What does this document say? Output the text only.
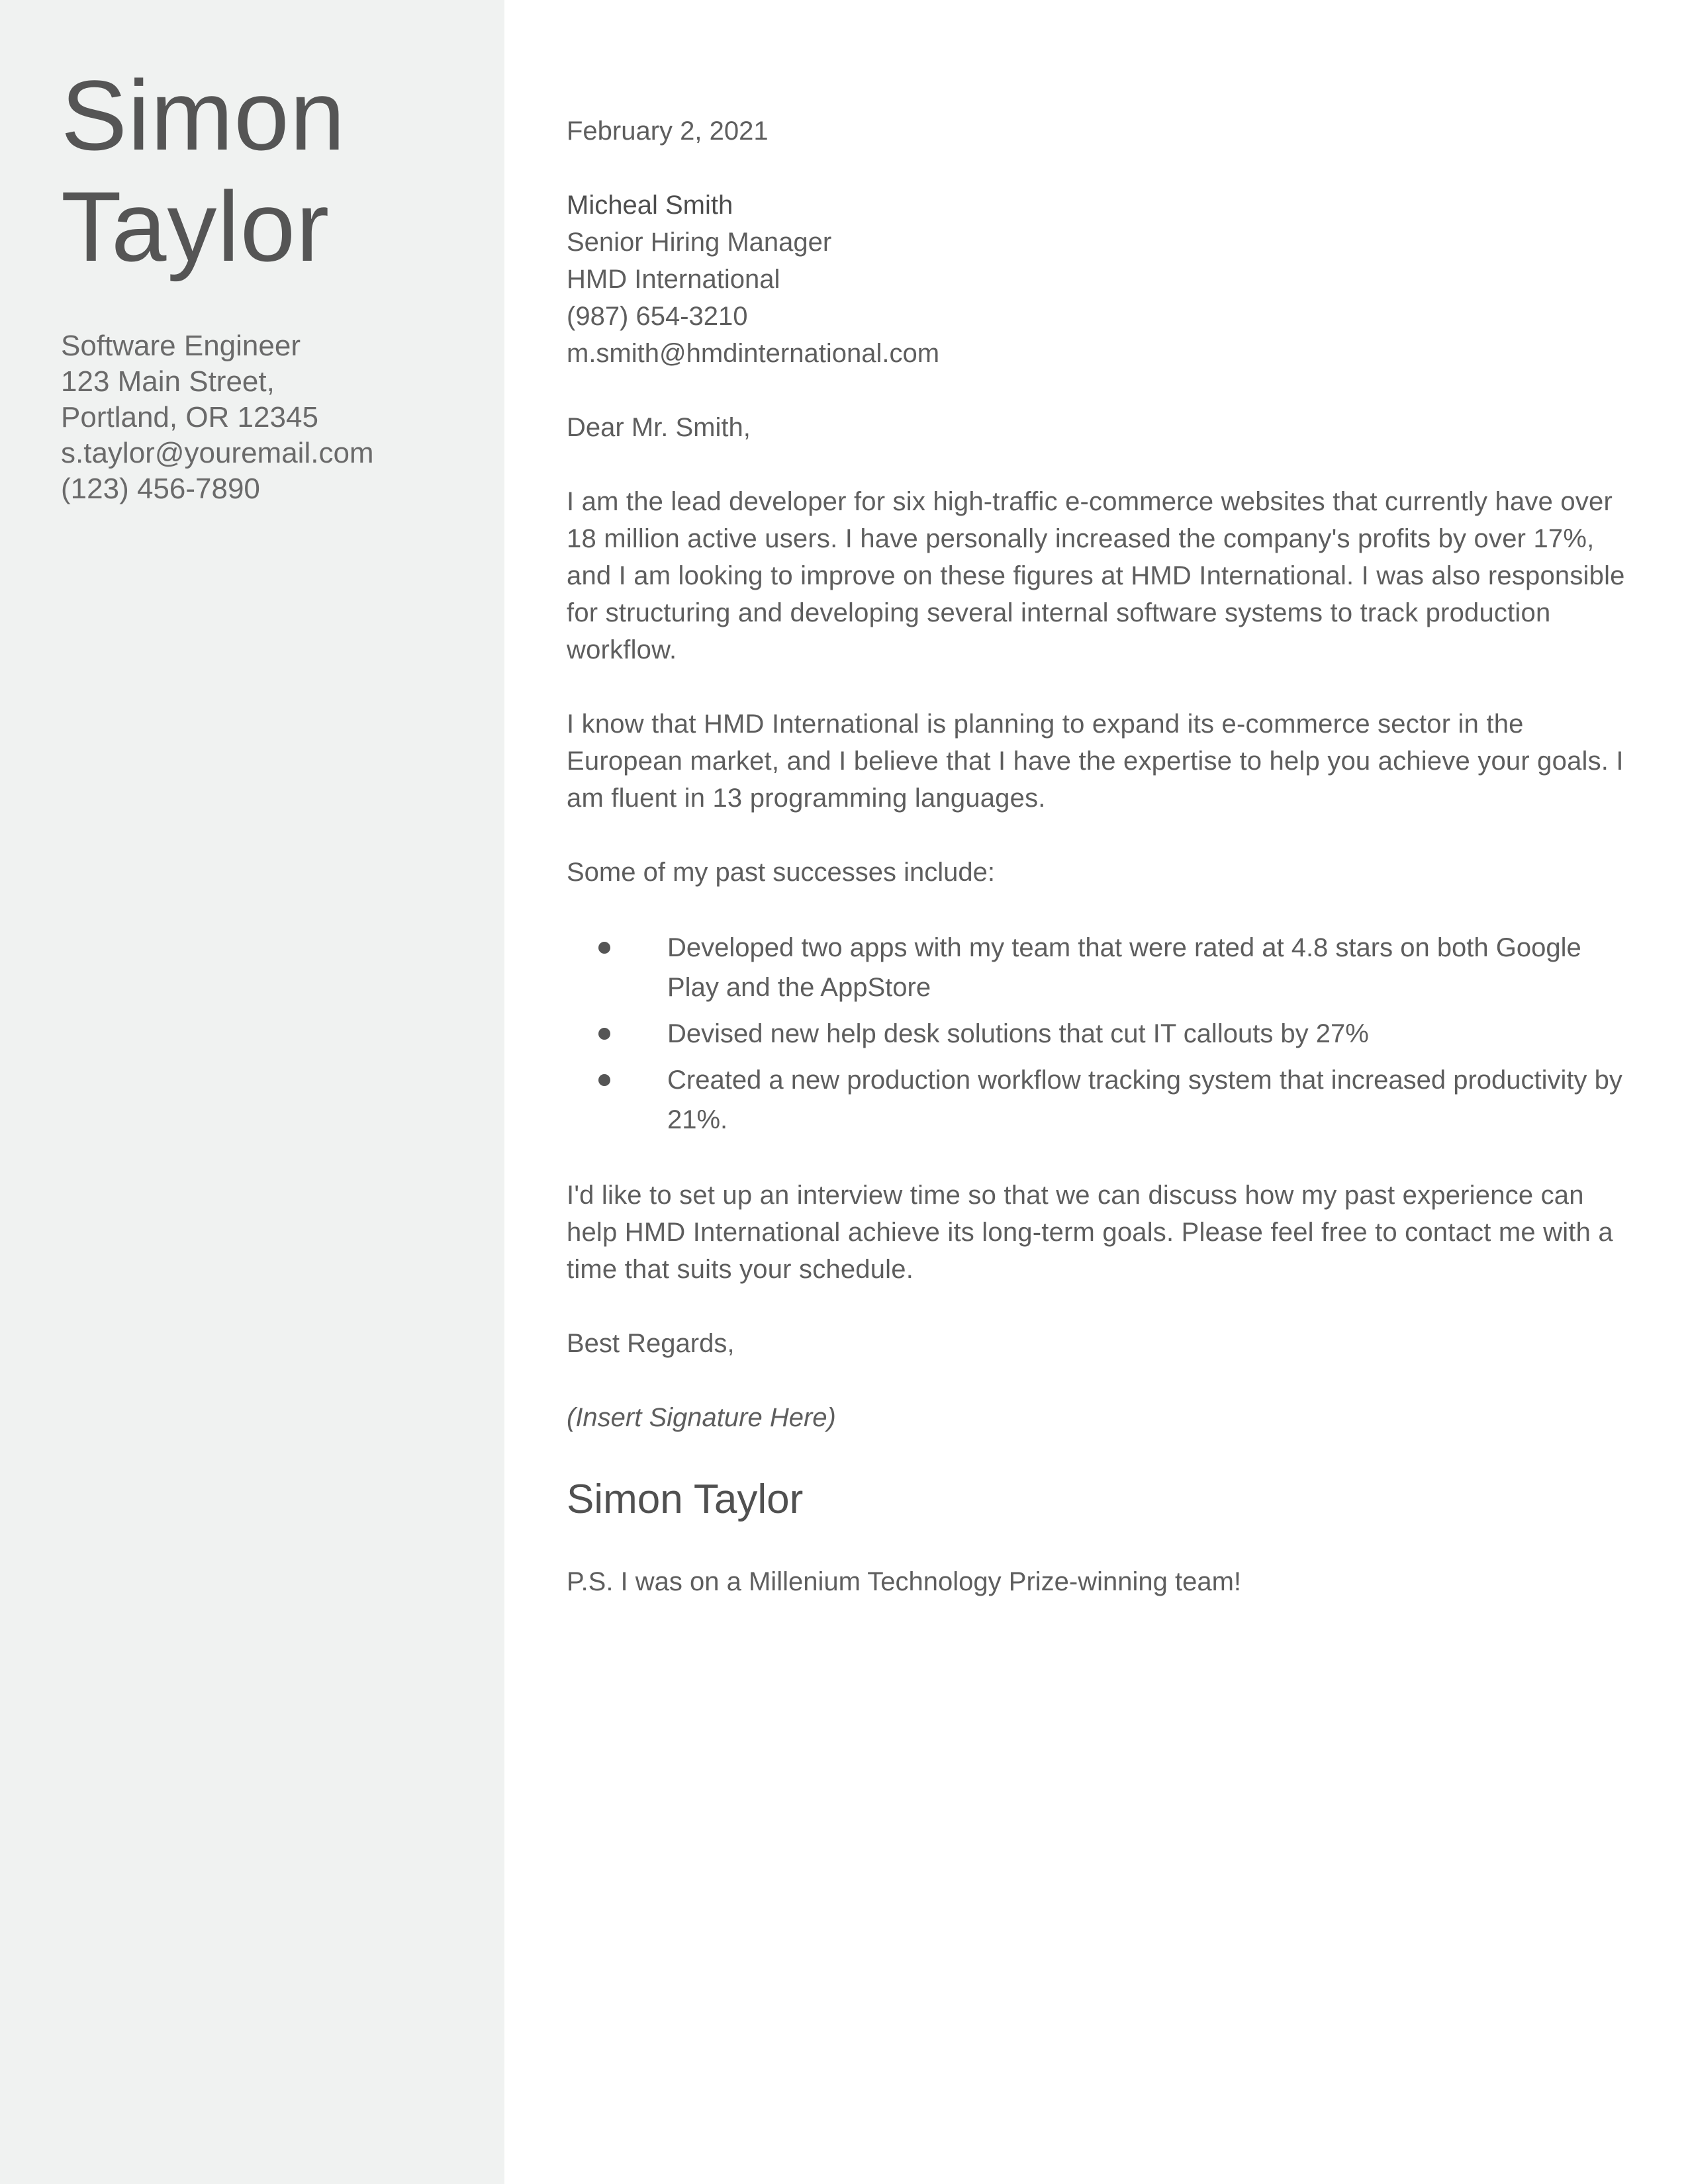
Simon
Taylor
Software Engineer
123 Main Street,
Portland, OR 12345
s.taylor@youremail.com
(123) 456-7890

February 2, 2021

Micheal Smith
Senior Hiring Manager
HMD International
(987) 654-3210
m.smith@hmdinternational.com

Dear Mr. Smith,

I am the lead developer for six high-traffic e-commerce websites that currently have over 18 million active users. I have personally increased the company's profits by over 17%, and I am looking to improve on these figures at HMD International. I was also responsible for structuring and developing several internal software systems to track production workflow.

I know that HMD International is planning to expand its e-commerce sector in the European market, and I believe that I have the expertise to help you achieve your goals. I am fluent in 13 programming languages.

Some of my past successes include:

Developed two apps with my team that were rated at 4.8 stars on both Google Play and the AppStore
Devised new help desk solutions that cut IT callouts by 27%
Created a new production workflow tracking system that increased productivity by 21%.

I'd like to set up an interview time so that we can discuss how my past experience can help HMD International achieve its long-term goals. Please feel free to contact me with a time that suits your schedule.

Best Regards,

(Insert Signature Here)

Simon Taylor

P.S. I was on a Millenium Technology Prize-winning team!
